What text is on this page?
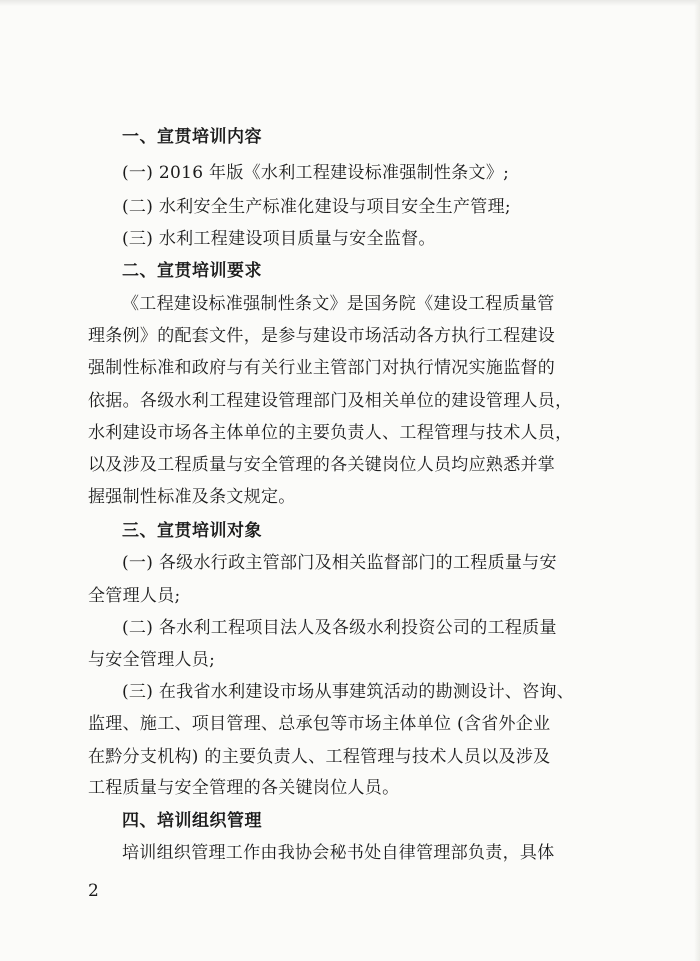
一、宣贯培训内容
(一) 2016 年版《水利工程建设标准强制性条文》;
(二) 水利安全生产标准化建设与项目安全生产管理;
(三) 水利工程建设项目质量与安全监督。
二、宣贯培训要求
《工程建设标准强制性条文》是国务院《建设工程质量管
理条例》的配套文件，是参与建设市场活动各方执行工程建设
强制性标准和政府与有关行业主管部门对执行情况实施监督的
依据。各级水利工程建设管理部门及相关单位的建设管理人员，
水利建设市场各主体单位的主要负责人、工程管理与技术人员，
以及涉及工程质量与安全管理的各关键岗位人员均应熟悉并掌
握强制性标准及条文规定。
三、宣贯培训对象
(一) 各级水行政主管部门及相关监督部门的工程质量与安
全管理人员;
(二) 各水利工程项目法人及各级水利投资公司的工程质量
与安全管理人员;
(三) 在我省水利建设市场从事建筑活动的勘测设计、咨询、
监理、施工、项目管理、总承包等市场主体单位 (含省外企业
在黔分支机构) 的主要负责人、工程管理与技术人员以及涉及
工程质量与安全管理的各关键岗位人员。
四、培训组织管理
培训组织管理工作由我协会秘书处自律管理部负责，具体
2
